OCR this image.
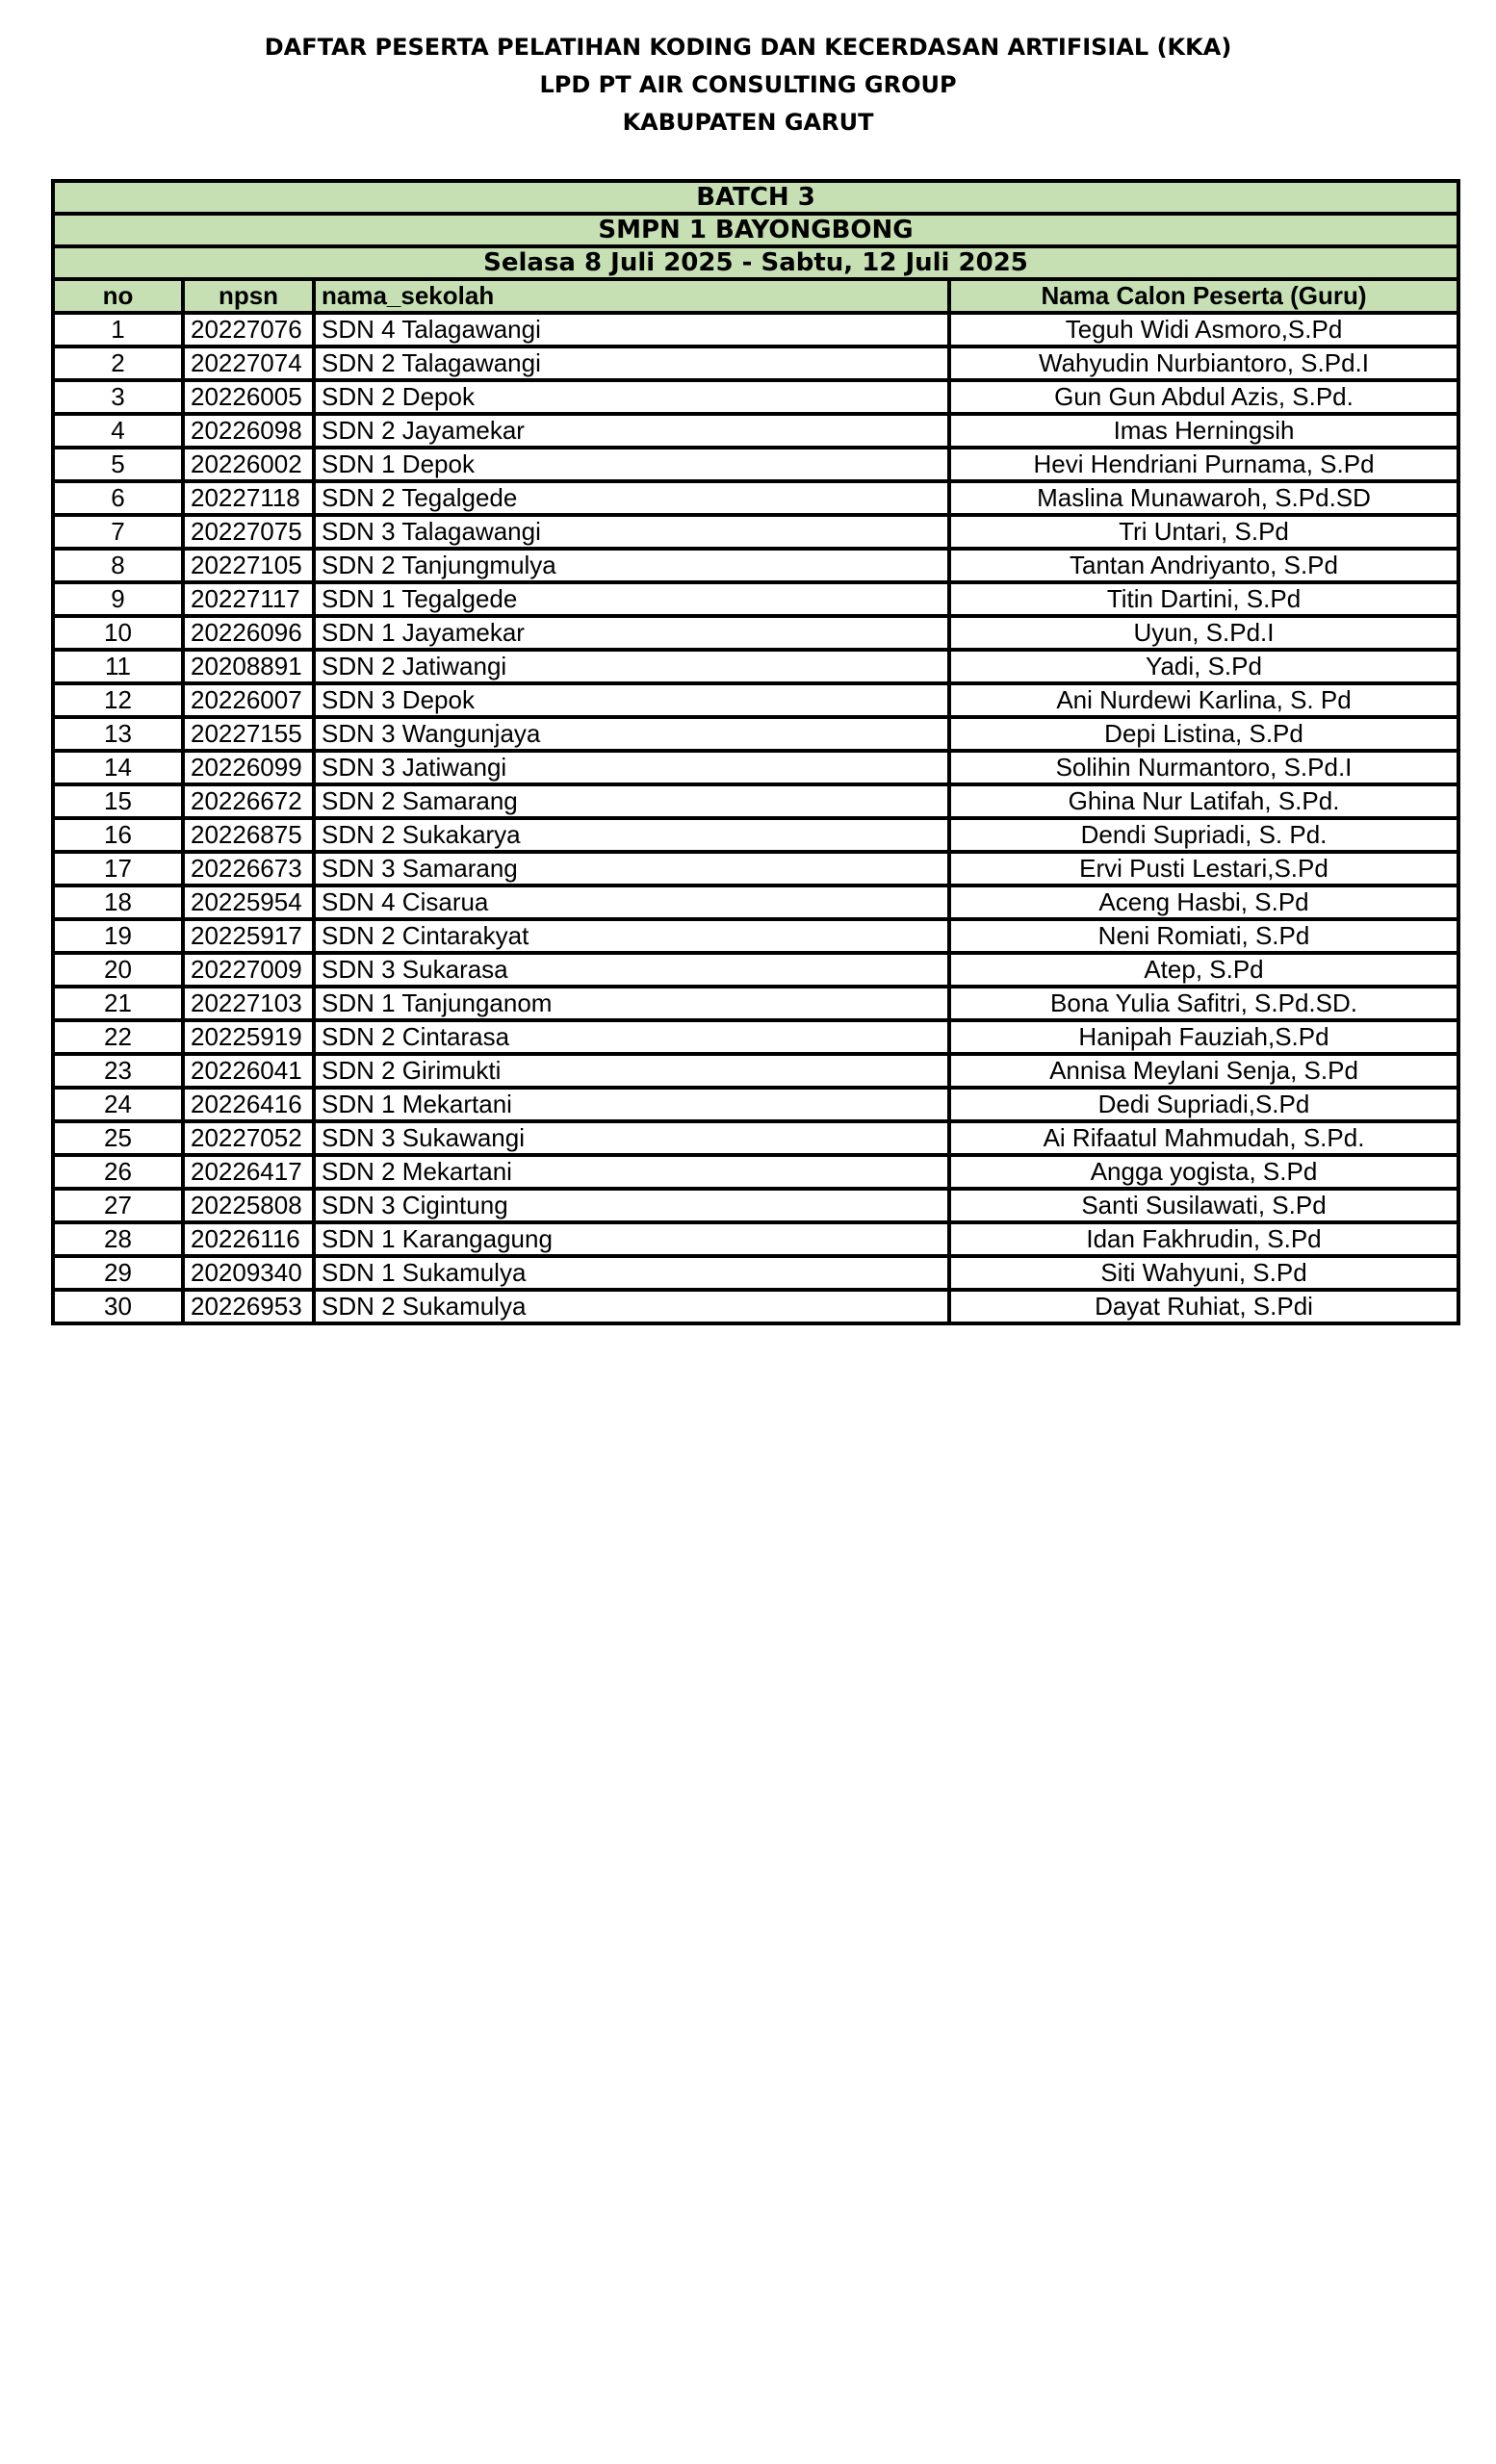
DAFTAR PESERTA PELATIHAN KODING DAN KECERDASAN ARTIFISIAL (KKA)
LPD PT AIR CONSULTING GROUP
KABUPATEN GARUT
BATCH 3			
SMPN 1 BAYONGBONG			
Selasa 8 Juli 2025 - Sabtu, 12 Juli 2025			
no	npsn	nama_sekolah	Nama Calon Peserta (Guru)
1	20227076	SDN 4 Talagawangi	Teguh Widi Asmoro,S.Pd
2	20227074	SDN 2 Talagawangi	Wahyudin Nurbiantoro, S.Pd.I
3	20226005	SDN 2 Depok	Gun Gun Abdul Azis, S.Pd.
4	20226098	SDN 2 Jayamekar	Imas Herningsih
5	20226002	SDN 1 Depok	Hevi Hendriani Purnama, S.Pd
6	20227118	SDN 2 Tegalgede	Maslina Munawaroh, S.Pd.SD
7	20227075	SDN 3 Talagawangi	Tri Untari, S.Pd
8	20227105	SDN 2 Tanjungmulya	Tantan Andriyanto, S.Pd
9	20227117	SDN 1 Tegalgede	Titin Dartini, S.Pd
10	20226096	SDN 1 Jayamekar	Uyun, S.Pd.I
11	20208891	SDN 2 Jatiwangi	Yadi, S.Pd
12	20226007	SDN 3 Depok	Ani Nurdewi Karlina, S. Pd
13	20227155	SDN 3 Wangunjaya	Depi Listina, S.Pd
14	20226099	SDN 3 Jatiwangi	Solihin Nurmantoro, S.Pd.I
15	20226672	SDN 2 Samarang	Ghina Nur Latifah, S.Pd.
16	20226875	SDN 2 Sukakarya	Dendi Supriadi, S. Pd.
17	20226673	SDN 3 Samarang	Ervi Pusti Lestari,S.Pd
18	20225954	SDN 4 Cisarua	Aceng Hasbi, S.Pd
19	20225917	SDN 2 Cintarakyat	Neni Romiati, S.Pd
20	20227009	SDN 3 Sukarasa	Atep, S.Pd
21	20227103	SDN 1 Tanjunganom	Bona Yulia Safitri, S.Pd.SD.
22	20225919	SDN 2 Cintarasa	Hanipah Fauziah,S.Pd
23	20226041	SDN 2 Girimukti	Annisa Meylani Senja, S.Pd
24	20226416	SDN 1 Mekartani	Dedi Supriadi,S.Pd
25	20227052	SDN 3 Sukawangi	Ai Rifaatul Mahmudah, S.Pd.
26	20226417	SDN 2 Mekartani	Angga yogista, S.Pd
27	20225808	SDN 3 Cigintung	Santi Susilawati, S.Pd
28	20226116	SDN 1 Karangagung	Idan Fakhrudin, S.Pd
29	20209340	SDN 1 Sukamulya	Siti Wahyuni, S.Pd
30	20226953	SDN 2 Sukamulya	Dayat Ruhiat, S.Pdi
